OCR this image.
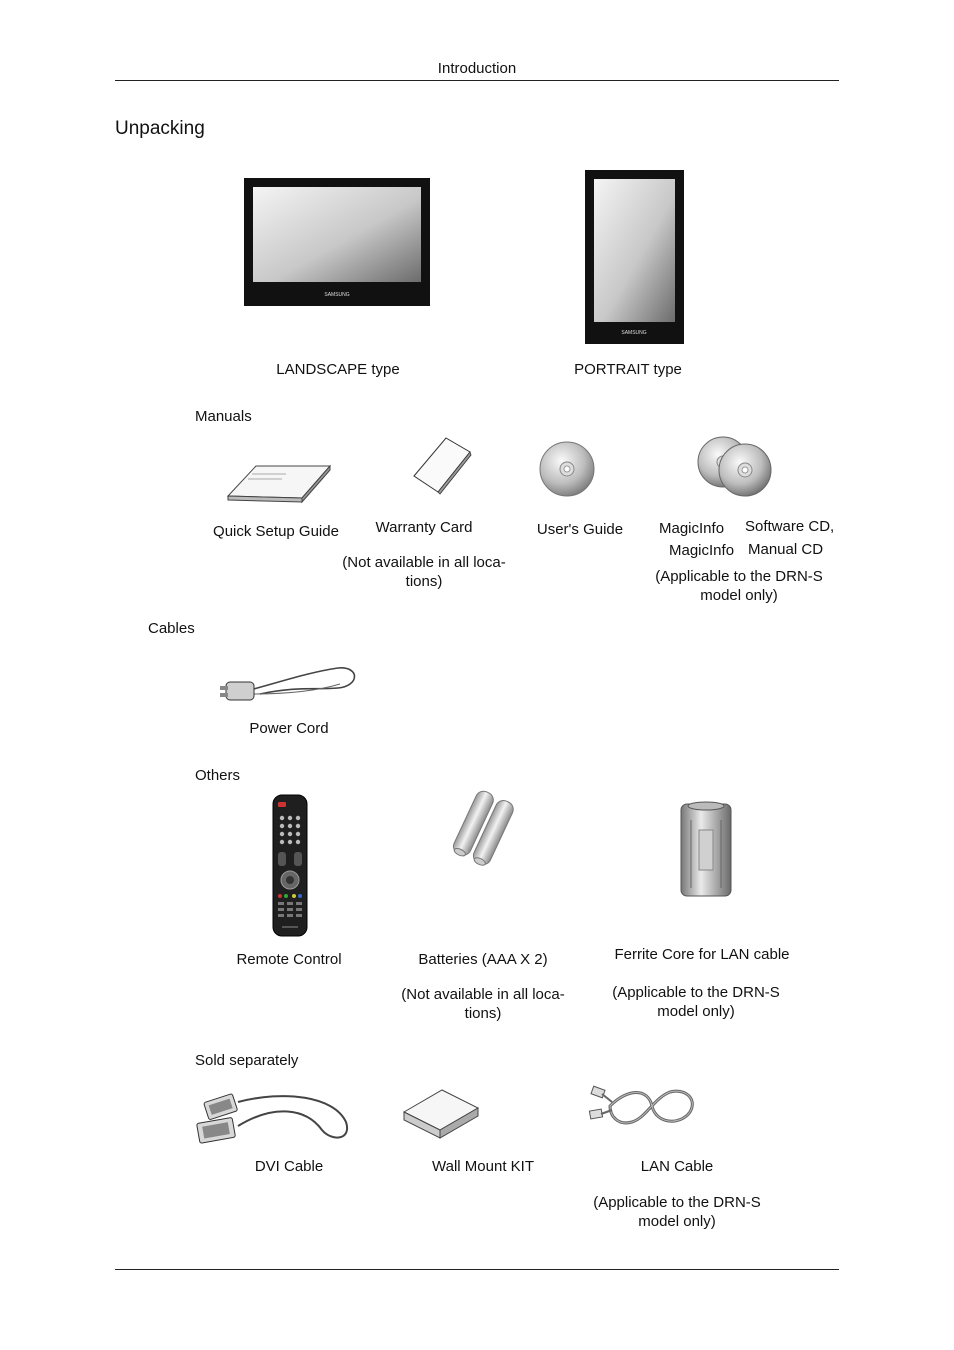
Introduction
Unpacking
SAMSUNG
SAMSUNG
LANDSCAPE type	PORTRAIT type
Manuals
Quick Setup Guide Warranty Card
(Not available in all loca-
tions)
User's Guide MagicInfo Software CD,
MagicInfo Manual CD
(Applicable to the DRN-S
model only)
Cables
Power Cord
Others
Remote Control	Batteries (AAA X 2)
(Not available in all loca-
tions)
Ferrite Core for LAN cable
(Applicable to the DRN-S
model only)
Sold separately
DVI Cable	Wall Mount KIT	LAN Cable
(Applicable to the DRN-S
model only)
